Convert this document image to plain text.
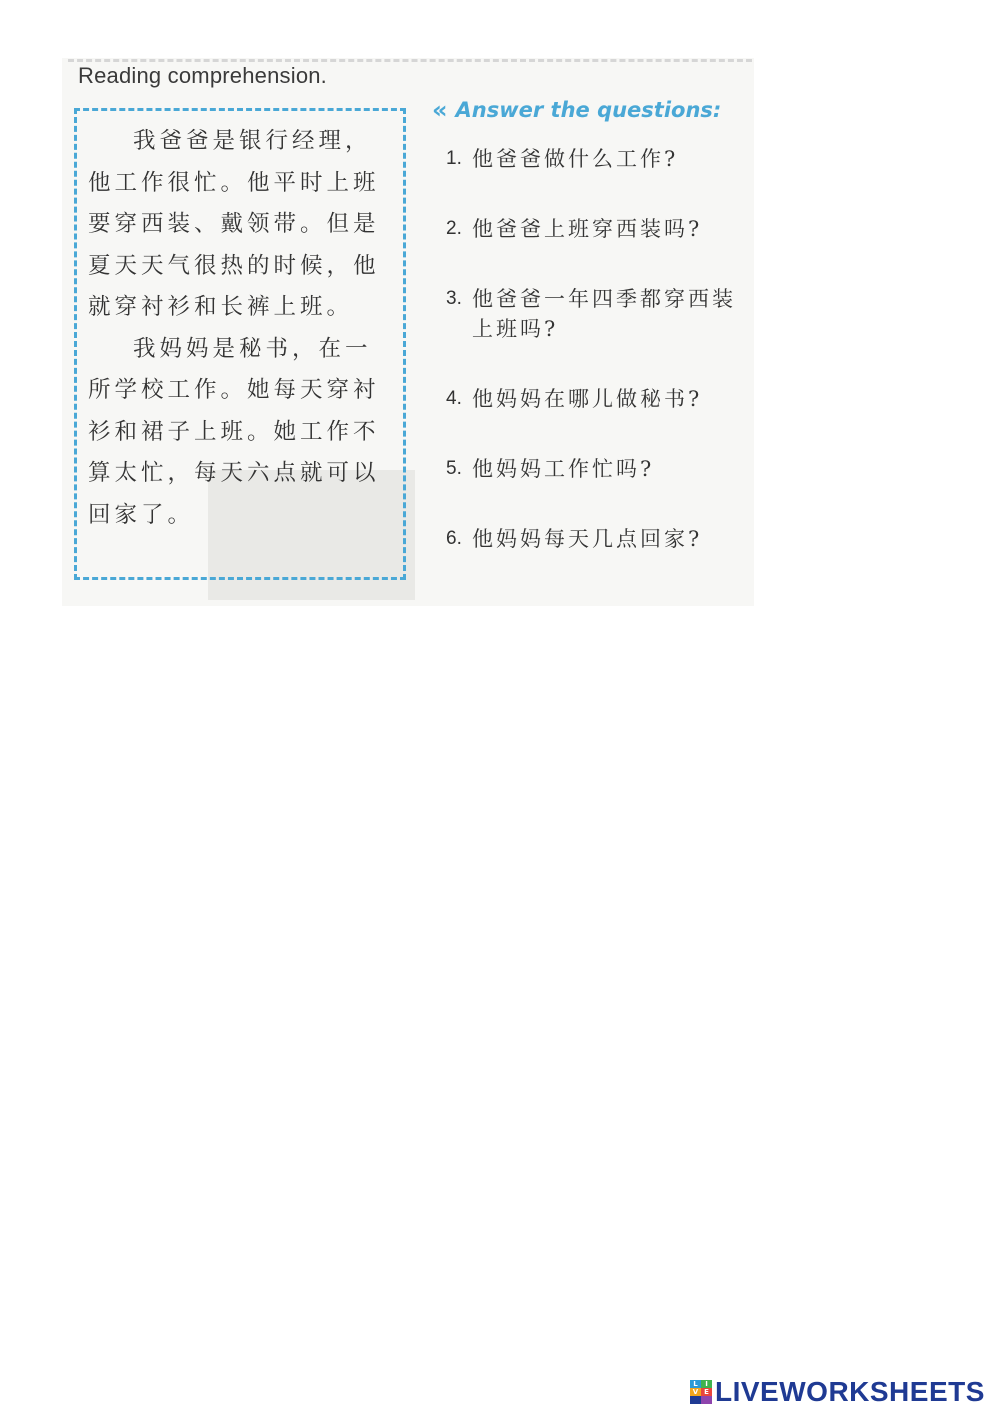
Reading comprehension.

我爸爸是银行经理，他工作很忙。他平时上班要穿西装、戴领带。但是夏天天气很热的时候，他就穿衬衫和长裤上班。

我妈妈是秘书，在一所学校工作。她每天穿衬衫和裙子上班。她工作不算太忙，每天六点就可以回家了。

« Answer the questions:
1. 他爸爸做什么工作?
2. 他爸爸上班穿西装吗?
3. 他爸爸一年四季都穿西装上班吗?
4. 他妈妈在哪儿做秘书?
5. 他妈妈工作忙吗?
6. 他妈妈每天几点回家?
L	I
V E LIVEWORKSHEETS
